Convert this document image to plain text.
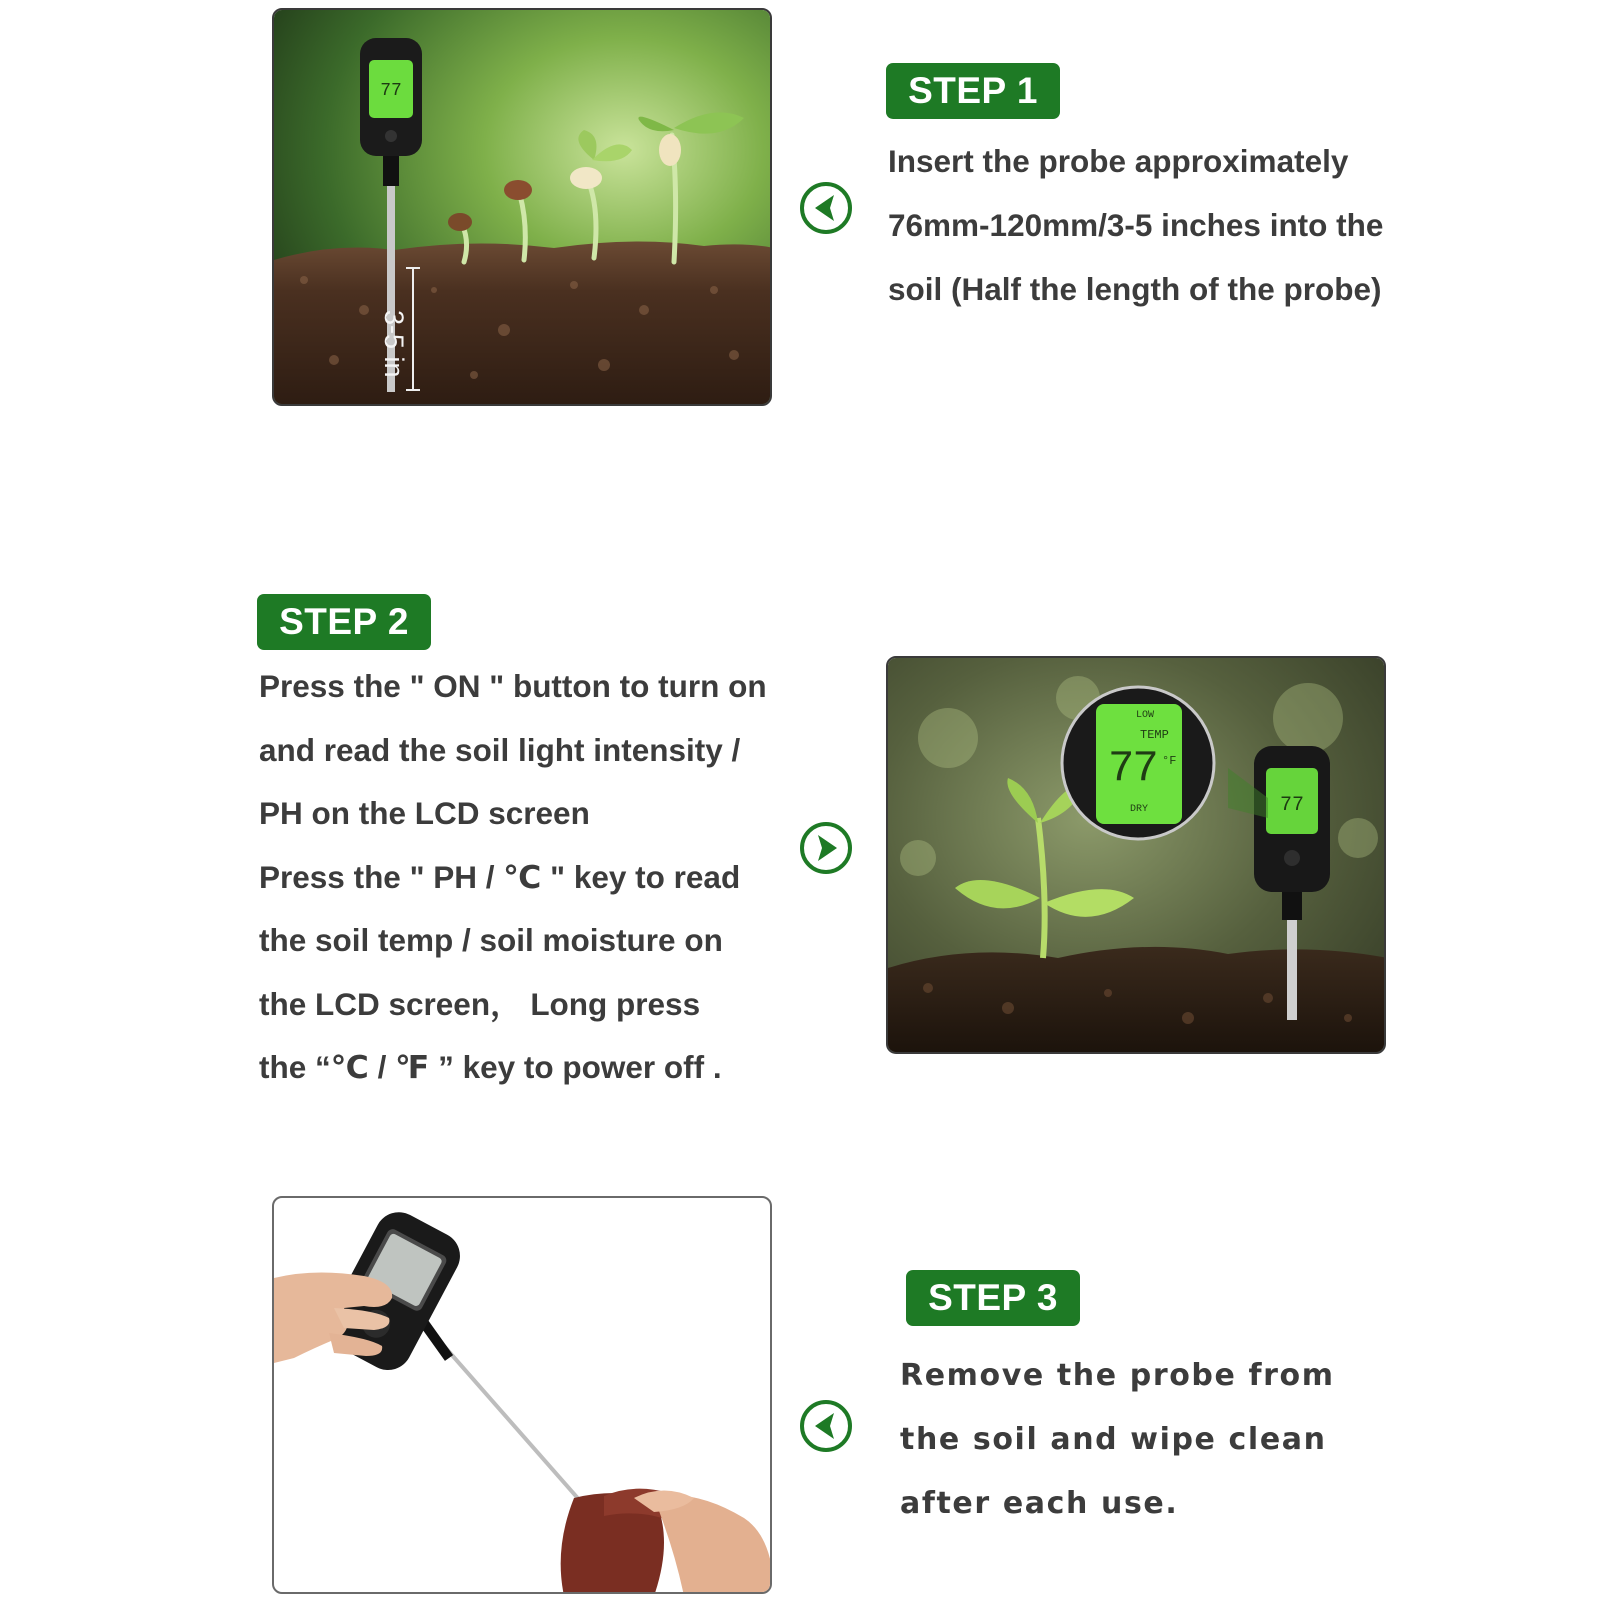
77
3-5 in
STEP 1
Insert the probe approximately
76mm-120mm/3-5 inches into the
soil (Half the length of the probe)
STEP 2
Press the " ON " button to turn on
and read the soil light intensity /
PH on the LCD screen
Press the " PH / ℃ " key to read
the soil temp / soil moisture on
the LCD screen， Long press
the “℃ / ℉ ” key to power off .
77
LOW
TEMP
77 °F
DRY
STEP 3
Remove the probe from
the soil and wipe clean
after each use.
